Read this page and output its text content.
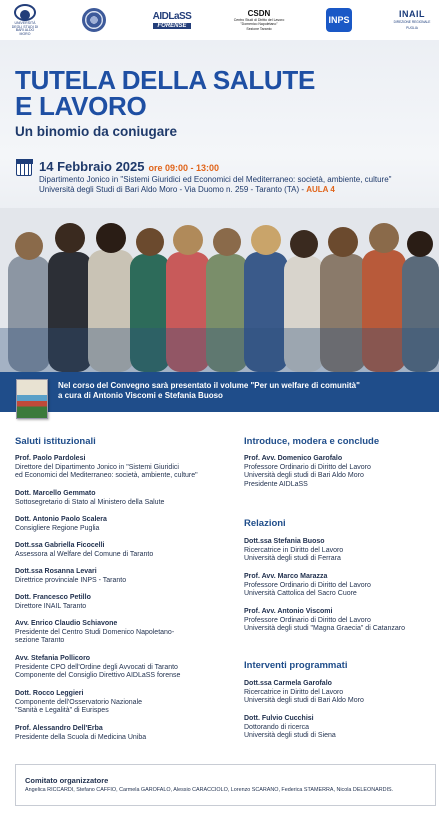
UNIVERSITÀ DEGLI STUDI DI BARI ALDO MORO
AIDLaSS
FORENSE
CSDN
Centro Studi di Diritto del Lavoro
"Domenico Napoletano"
Sezione Taranto
INPS
INAIL
DIREZIONE REGIONALE
PUGLIA
TUTELA DELLA SALUTE
E LAVORO
Un binomio da coniugare
14 Febbraio 2025 ore 09:00 - 13:00
Dipartimento Jonico in "Sistemi Giuridici ed Economici del Mediterraneo: società, ambiente, culture"
Università degli Studi di Bari Aldo Moro - Via Duomo n. 259 - Taranto (TA) - AULA 4
Nel corso del Convegno sarà presentato il volume "Per un welfare di comunità"
a cura di Antonio Viscomi e Stefania Buoso
Saluti istituzionali
Prof. Paolo Pardolesi
Direttore del Dipartimento Jonico in "Sistemi Giuridici
ed Economici del Mediterraneo: società, ambiente, culture"
Dott. Marcello Gemmato
Sottosegretario di Stato al Ministero della Salute
Dott. Antonio Paolo Scalera
Consigliere Regione Puglia
Dott.ssa Gabriella Ficocelli
Assessora al Welfare del Comune di Taranto
Dott.ssa Rosanna Levari
Direttrice provinciale INPS - Taranto
Dott. Francesco Petillo
Direttore INAIL Taranto
Avv. Enrico Claudio Schiavone
Presidente del Centro Studi Domenico Napoletano-
sezione Taranto
Avv. Stefania Pollicoro
Presidente CPO dell'Ordine degli Avvocati di Taranto
Componente del Consiglio Direttivo AIDLaSS forense
Dott. Rocco Leggieri
Componente dell'Osservatorio Nazionale
"Sanità e Legalità" di Eurispes
Prof. Alessandro Dell'Erba
Presidente della Scuola di Medicina Uniba
Introduce, modera e conclude
Prof. Avv. Domenico Garofalo
Professore Ordinario di Diritto del Lavoro
Università degli studi di Bari Aldo Moro
Presidente AIDLaSS
Relazioni
Dott.ssa Stefania Buoso
Ricercatrice in Diritto del Lavoro
Università degli studi di Ferrara
Prof. Avv. Marco Marazza
Professore Ordinario di Diritto del Lavoro
Università Cattolica del Sacro Cuore
Prof. Avv. Antonio Viscomi
Professore Ordinario di Diritto del Lavoro
Università degli studi "Magna Graecia" di Catanzaro
Interventi programmati
Dott.ssa Carmela Garofalo
Ricercatrice in Diritto del Lavoro
Università degli studi di Bari Aldo Moro
Dott. Fulvio Cucchisi
Dottorando di ricerca
Università degli studi di Siena
Comitato organizzatore
Angelica RICCARDI, Stefano CAFFIO, Carmela GAROFALO, Alessio CARACCIOLO, Lorenzo SCARANO, Federica STAMERRA, Nicola DELEONARDIS.
